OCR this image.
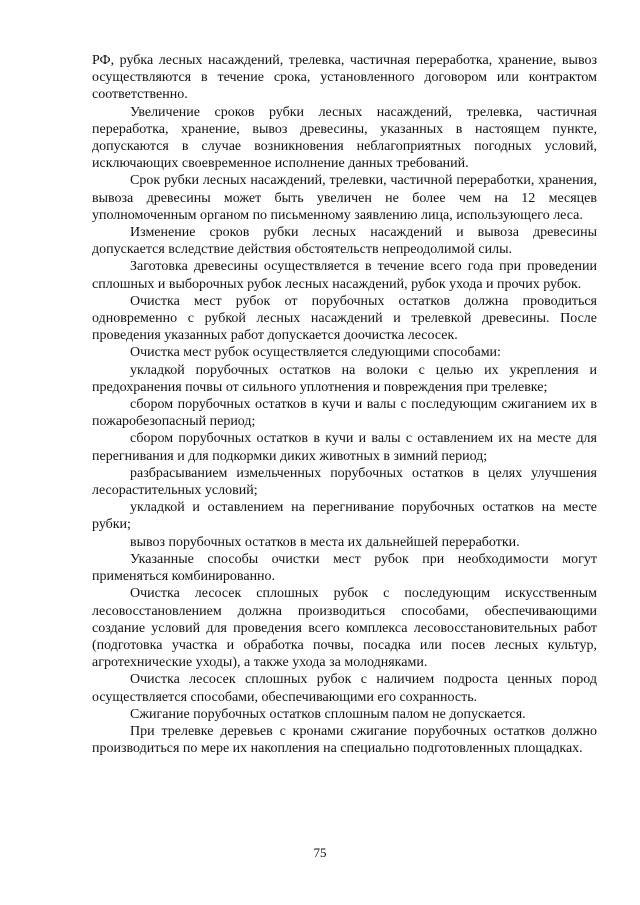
РФ, рубка лесных насаждений, трелевка, частичная переработка, хранение, вывоз осуществляются в течение срока, установленного договором или контрактом соответственно.

Увеличение сроков рубки лесных насаждений, трелевка, частичная переработка, хранение, вывоз древесины, указанных в настоящем пункте, допускаются в случае возникновения неблагоприятных погодных условий, исключающих своевременное исполнение данных требований.

Срок рубки лесных насаждений, трелевки, частичной переработки, хранения, вывоза древесины может быть увеличен не более чем на 12 месяцев уполномоченным органом по письменному заявлению лица, использующего леса.

Изменение сроков рубки лесных насаждений и вывоза древесины допускается вследствие действия обстоятельств непреодолимой силы.

Заготовка древесины осуществляется в течение всего года при проведении сплошных и выборочных рубок лесных насаждений, рубок ухода и прочих рубок.

Очистка мест рубок от порубочных остатков должна проводиться одновременно с рубкой лесных насаждений и трелевкой древесины. После проведения указанных работ допускается доочистка лесосек.

Очистка мест рубок осуществляется следующими способами:

укладкой порубочных остатков на волоки с целью их укрепления и предохранения почвы от сильного уплотнения и повреждения при трелевке;

сбором порубочных остатков в кучи и валы с последующим сжиганием их в пожаробезопасный период;

сбором порубочных остатков в кучи и валы с оставлением их на месте для перегнивания и для подкормки диких животных в зимний период;

разбрасыванием измельченных порубочных остатков в целях улучшения лесорастительных условий;

укладкой и оставлением на перегнивание порубочных остатков на месте рубки;

вывоз порубочных остатков в места их дальнейшей переработки.

Указанные способы очистки мест рубок при необходимости могут применяться комбинированно.

Очистка лесосек сплошных рубок с последующим искусственным лесовосстановлением должна производиться способами, обеспечивающими создание условий для проведения всего комплекса лесовосстановительных работ (подготовка участка и обработка почвы, посадка или посев лесных культур, агротехнические уходы), а также ухода за молодняками.

Очистка лесосек сплошных рубок с наличием подроста ценных пород осуществляется способами, обеспечивающими его сохранность.

Сжигание порубочных остатков сплошным палом не допускается.

При трелевке деревьев с кронами сжигание порубочных остатков должно производиться по мере их накопления на специально подготовленных площадках.

75
